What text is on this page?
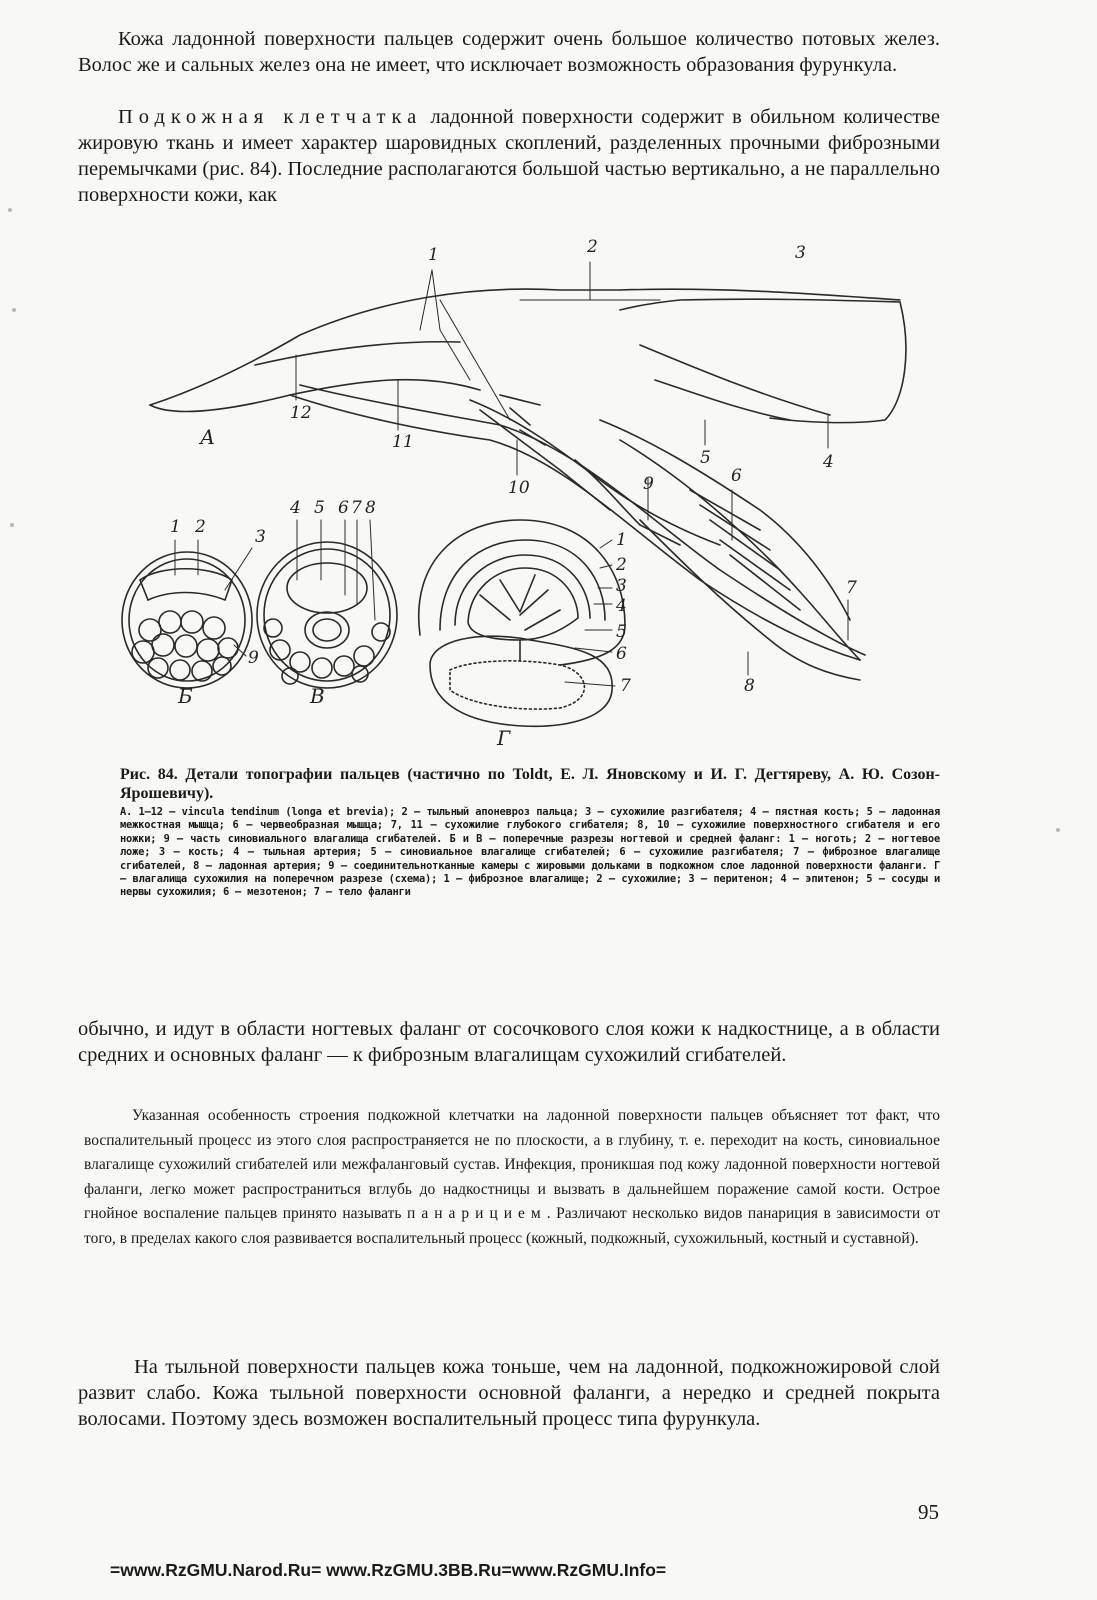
Кожа ладонной поверхности пальцев содержит очень большое количество потовых желез. Волос же и сальных желез она не имеет, что исключает возможность образования фурункула.

Подкожная клетчатка ладонной поверхности содержит в обильном количестве жировую ткань и имеет характер шаровидных скоплений, разделенных прочными фиброзными перемычками (рис. 84). Последние располагаются большой частью вертикально, а не параллельно поверхности кожи, как

1	2	3
12
А	11
10
5	4
9	6
7
8
1 2	3
9
Б
4 5 6 7 8
В
1
2
3
4
5
6
7
Г

Рис. 84. Детали топографии пальцев (частично по Toldt, Е. Л. Яновскому и И. Г. Дегтяреву, А. Ю. Созон-Ярошевичу).

А. 1—12 — vincula tendinum (longa et brevia); 2 — тыльный апоневроз пальца; 3 — сухожилие разгибателя; 4 — пястная кость; 5 — ладонная межкостная мышца; 6 — червеобразная мышца; 7, 11 — сухожилие глубокого сгибателя; 8, 10 — сухожилие поверхностного сгибателя и его ножки; 9 — часть синовиального влагалища сгибателей. Б и В — поперечные разрезы ногтевой и средней фаланг: 1 — ноготь; 2 — ногтевое ложе; 3 — кость; 4 — тыльная артерия; 5 — синовиальное влагалище сгибателей; 6 — сухожилие разгибателя; 7 — фиброзное влагалище сгибателей, 8 — ладонная артерия; 9 — соединительнотканные камеры с жировыми дольками в подкожном слое ладонной поверхности фаланги. Г — влагалища сухожилия на поперечном разрезе (схема); 1 — фиброзное влагалище; 2 — сухожилие; 3 — перитенон; 4 — эпитенон; 5 — сосуды и нервы сухожилия; 6 — мезотенон; 7 — тело фаланги

обычно, и идут в области ногтевых фаланг от сосочкового слоя кожи к надкостнице, а в области средних и основных фаланг — к фиброзным влагалищам сухожилий сгибателей.

Указанная особенность строения подкожной клетчатки на ладонной поверхности пальцев объясняет тот факт, что воспалительный процесс из этого слоя распространяется не по плоскости, а в глубину, т. е. переходит на кость, синовиальное влагалище сухожилий сгибателей или межфаланговый сустав. Инфекция, проникшая под кожу ладонной поверхности ногтевой фаланги, легко может распространиться вглубь до надкостницы и вызвать в дальнейшем поражение самой кости. Острое гнойное воспаление пальцев принято называть панарицием. Различают несколько видов панариция в зависимости от того, в пределах какого слоя развивается воспалительный процесс (кожный, подкожный, сухожильный, костный и суставной).

На тыльной поверхности пальцев кожа тоньше, чем на ладонной, подкожножировой слой развит слабо. Кожа тыльной поверхности основной фаланги, а нередко и средней покрыта волосами. Поэтому здесь возможен воспалительный процесс типа фурункула.

95
=www.RzGMU.Narod.Ru= www.RzGMU.3BB.Ru=www.RzGMU.Info=
